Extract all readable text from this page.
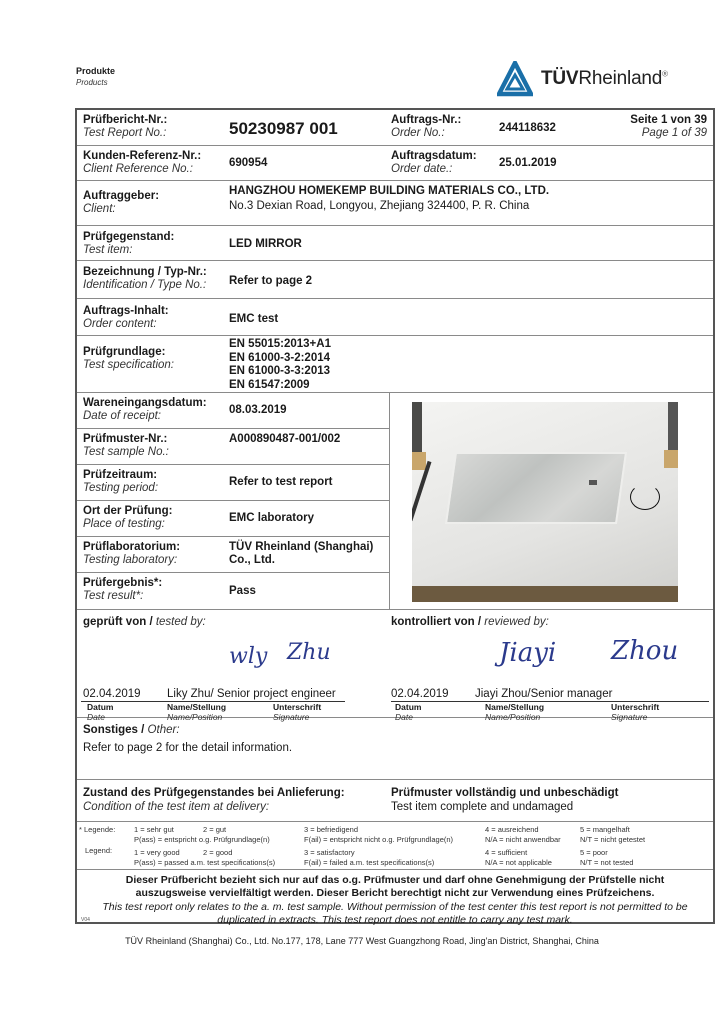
Produkte
Products	TÜVRheinland®
Prüfbericht-Nr.:
Test Report No.:	50230987 001	Auftrags-Nr.:
Order No.:	244118632
Seite 1 von 39
Page 1 of 39
Kunden-Referenz-Nr.:
Client Reference No.:	690954
Auftragsdatum:
Order date.:	25.01.2019
Auftraggeber:
Client:
HANGZHOU HOMEKEMP BUILDING MATERIALS CO., LTD.
No.3 Dexian Road, Longyou, Zhejiang 324400, P. R. China
Prüfgegenstand:
Test item:	LED MIRROR
Bezeichnung / Typ-Nr.:
Identification / Type No.: Refer to page 2
Auftrags-Inhalt:
Order content:	EMC test
Prüfgrundlage:
Test specification:
EN 55015:2013+A1
EN 61000-3-2:2014
EN 61000-3-3:2013
EN 61547:2009
Wareneingangsdatum:
Date of receipt:	08.03.2019
Prüfmuster-Nr.:
Test sample No.:
A000890487-001/002
Prüfzeitraum:
Testing period:	Refer to test report
Ort der Prüfung:
Place of testing:	EMC laboratory
Prüflaboratorium:
Testing laboratory:
TÜV Rheinland (Shanghai)
Co., Ltd.
Prüfergebnis*:
Test result*:	Pass
geprüft von / tested by:
wly Zhu
02.04.2019 Liky Zhu/ Senior project engineer
Datum
Date
Name/Stellung
Name/Position
Unterschrift
Signature
kontrolliert von / reviewed by:
Jiayi Zhou
02.04.2019 Jiayi Zhou/Senior manager
Datum
Date
Name/Stellung
Name/Position
Unterschrift
Signature
Sonstiges / Other:
Refer to page 2 for the detail information.
Zustand des Prüfgegenstandes bei Anlieferung:
Condition of the test item at delivery:
Prüfmuster vollständig und unbeschädigt
Test item complete and undamaged
* Legende:
Legend:
1 = sehr gut	2 = gut	3 = befriedigend	4 = ausreichend	5 = mangelhaft
P(ass) = entspricht o.g. Prüfgrundlage(n)	F(ail) = entspricht nicht o.g. Prüfgrundlage(n)	N/A = nicht anwendbar	N/T = nicht getestet
1 = very good	2 = good	3 = satisfactory	4 = sufficient	5 = poor
P(ass) = passed a.m. test specifications(s)	F(ail) = failed a.m. test specifications(s)	N/A = not applicable	N/T = not tested
Dieser Prüfbericht bezieht sich nur auf das o.g. Prüfmuster und darf ohne Genehmigung der Prüfstelle nicht
auszugsweise vervielfältigt werden. Dieser Bericht berechtigt nicht zur Verwendung eines Prüfzeichens.
This test report only relates to the a. m. test sample. Without permission of the test center this test report is not permitted to be
duplicated in extracts. This test report does not entitle to carry any test mark.
V04
TÜV Rheinland (Shanghai) Co., Ltd. No.177, 178, Lane 777 West Guangzhong Road, Jing'an District, Shanghai, China
